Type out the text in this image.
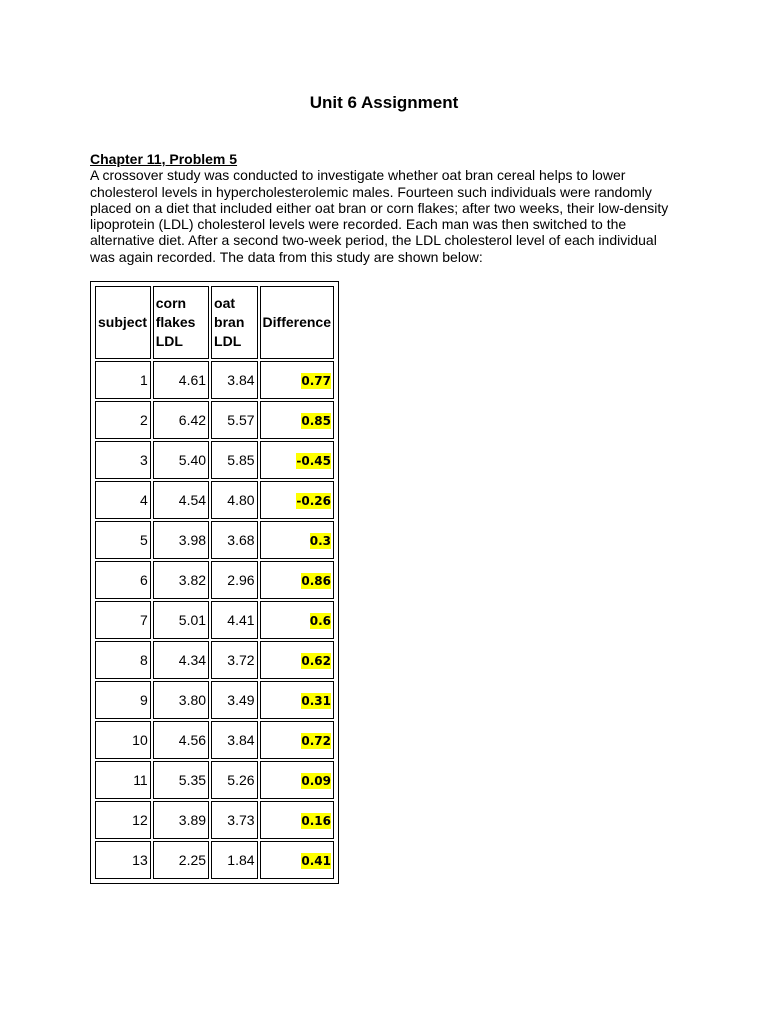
Unit 6 Assignment
Chapter 11, Problem 5

A crossover study was conducted to investigate whether oat bran cereal helps to lower cholesterol levels in hypercholesterolemic males. Fourteen such individuals were randomly placed on a diet that included either oat bran or corn flakes; after two weeks, their low-density lipoprotein (LDL) cholesterol levels were recorded. Each man was then switched to the alternative diet. After a second two-week period, the LDL cholesterol level of each individual was again recorded. The data from this study are shown below:

subject	corn flakes LDL	oat bran LDL	Difference
1	4.61	3.84	0.77
2	6.42	5.57	0.85
3	5.40	5.85	-0.45
4	4.54	4.80	-0.26
5	3.98	3.68	0.3
6	3.82	2.96	0.86
7	5.01	4.41	0.6
8	4.34	3.72	0.62
9	3.80	3.49	0.31
10	4.56	3.84	0.72
11	5.35	5.26	0.09
12	3.89	3.73	0.16
13	2.25	1.84	0.41
